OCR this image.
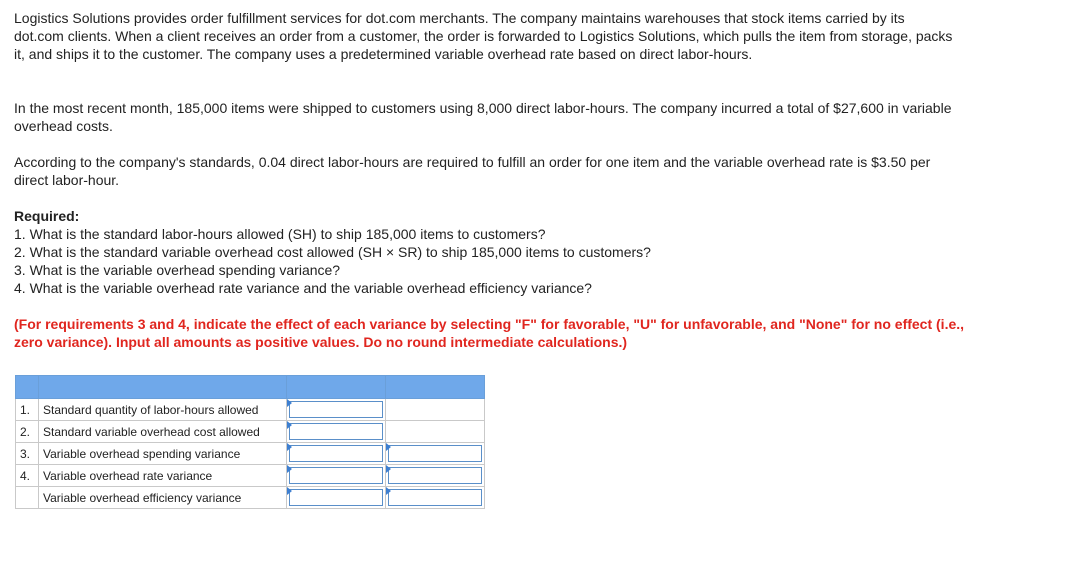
Logistics Solutions provides order fulfillment services for dot.com merchants. The company maintains warehouses that stock items carried by its dot.com clients. When a client receives an order from a customer, the order is forwarded to Logistics Solutions, which pulls the item from storage, packs it, and ships it to the customer. The company uses a predetermined variable overhead rate based on direct labor-hours.

In the most recent month, 185,000 items were shipped to customers using 8,000 direct labor-hours. The company incurred a total of $27,600 in variable overhead costs.

According to the company's standards, 0.04 direct labor-hours are required to fulfill an order for one item and the variable overhead rate is $3.50 per direct labor-hour.

Required:
1. What is the standard labor-hours allowed (SH) to ship 185,000 items to customers?
2. What is the standard variable overhead cost allowed (SH × SR) to ship 185,000 items to customers?
3. What is the variable overhead spending variance?
4. What is the variable overhead rate variance and the variable overhead efficiency variance?

(For requirements 3 and 4, indicate the effect of each variance by selecting "F" for favorable, "U" for unfavorable, and "None" for no effect (i.e., zero variance). Input all amounts as positive values. Do no round intermediate calculations.)

1.	Standard quantity of labor-hours allowed	

2.	Standard variable overhead cost allowed	

3.	Variable overhead spending variance	

4.	Variable overhead rate variance	

	Variable overhead efficiency variance	
